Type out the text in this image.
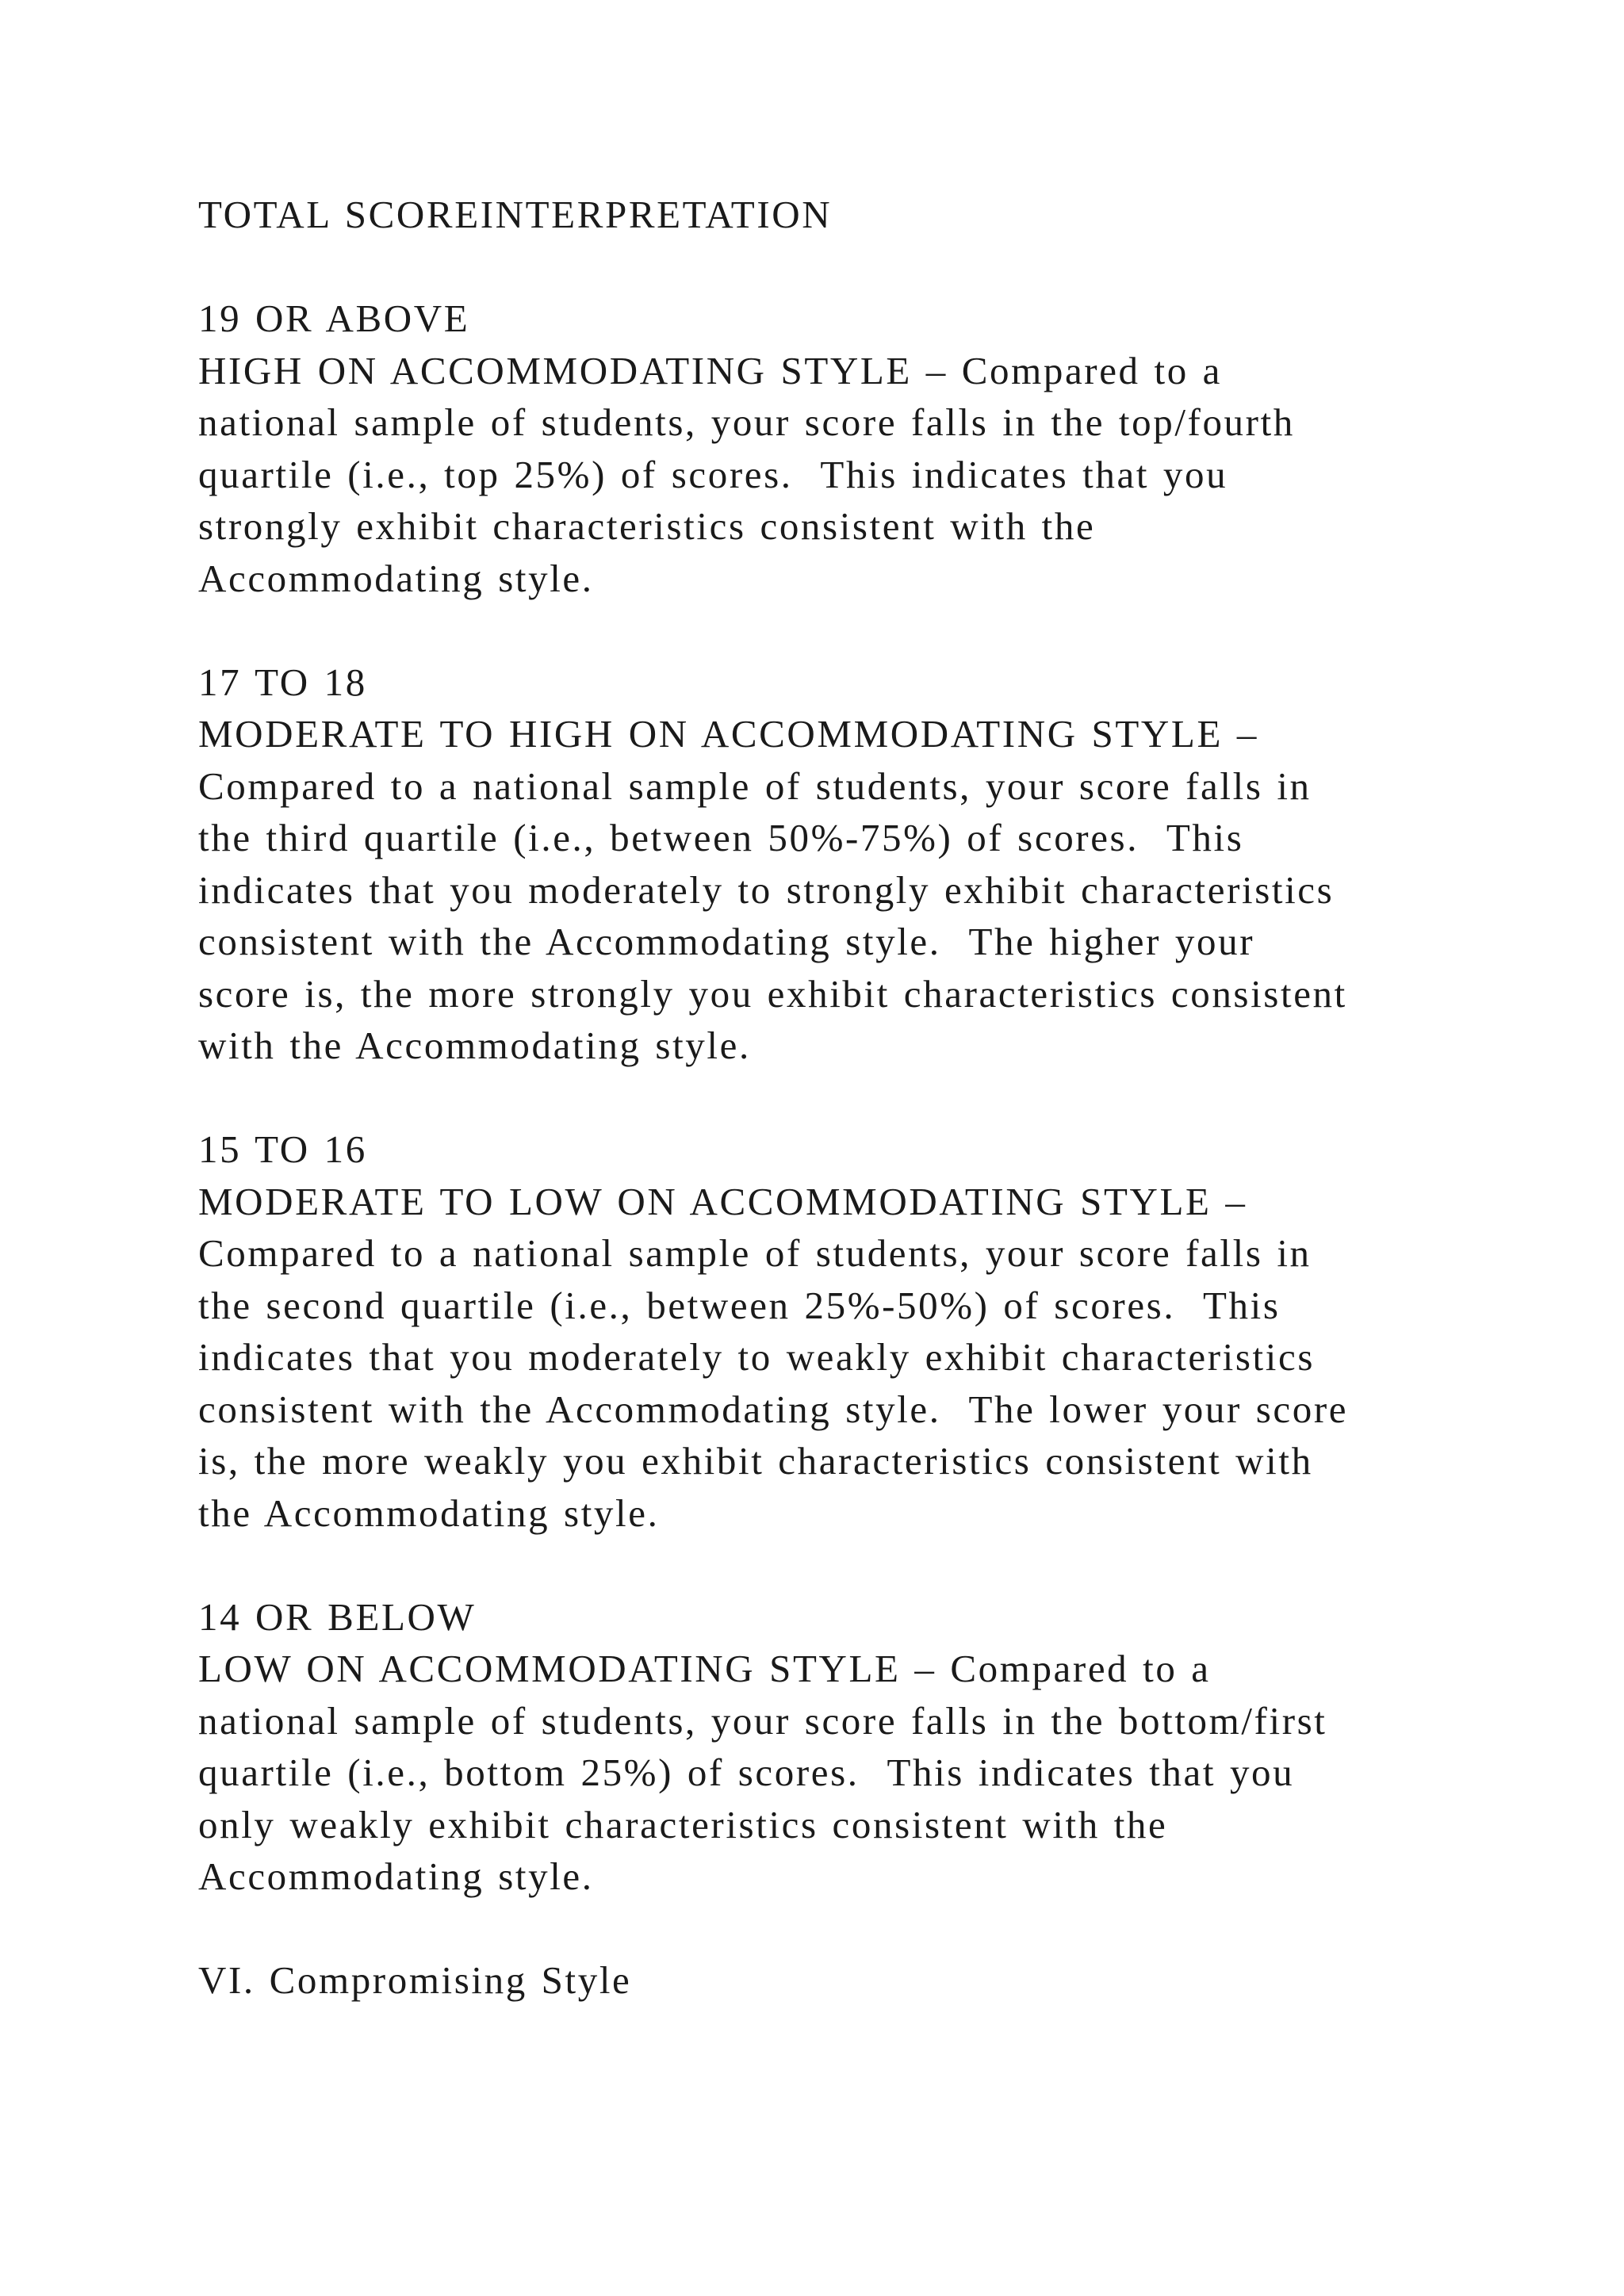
TOTAL SCOREINTERPRETATION
19 OR ABOVE
HIGH ON ACCOMMODATING STYLE – Compared to a
national sample of students, your score falls in the top/fourth
quartile (i.e., top 25%) of scores.  This indicates that you
strongly exhibit characteristics consistent with the
Accommodating style.
17 TO 18
MODERATE TO HIGH ON ACCOMMODATING STYLE –
Compared to a national sample of students, your score falls in
the third quartile (i.e., between 50%-75%) of scores.  This
indicates that you moderately to strongly exhibit characteristics
consistent with the Accommodating style.  The higher your
score is, the more strongly you exhibit characteristics consistent
with the Accommodating style.
15 TO 16
MODERATE TO LOW ON ACCOMMODATING STYLE –
Compared to a national sample of students, your score falls in
the second quartile (i.e., between 25%-50%) of scores.  This
indicates that you moderately to weakly exhibit characteristics
consistent with the Accommodating style.  The lower your score
is, the more weakly you exhibit characteristics consistent with
the Accommodating style.
14 OR BELOW
LOW ON ACCOMMODATING STYLE – Compared to a
national sample of students, your score falls in the bottom/first
quartile (i.e., bottom 25%) of scores.  This indicates that you
only weakly exhibit characteristics consistent with the
Accommodating style.
VI. Compromising Style
